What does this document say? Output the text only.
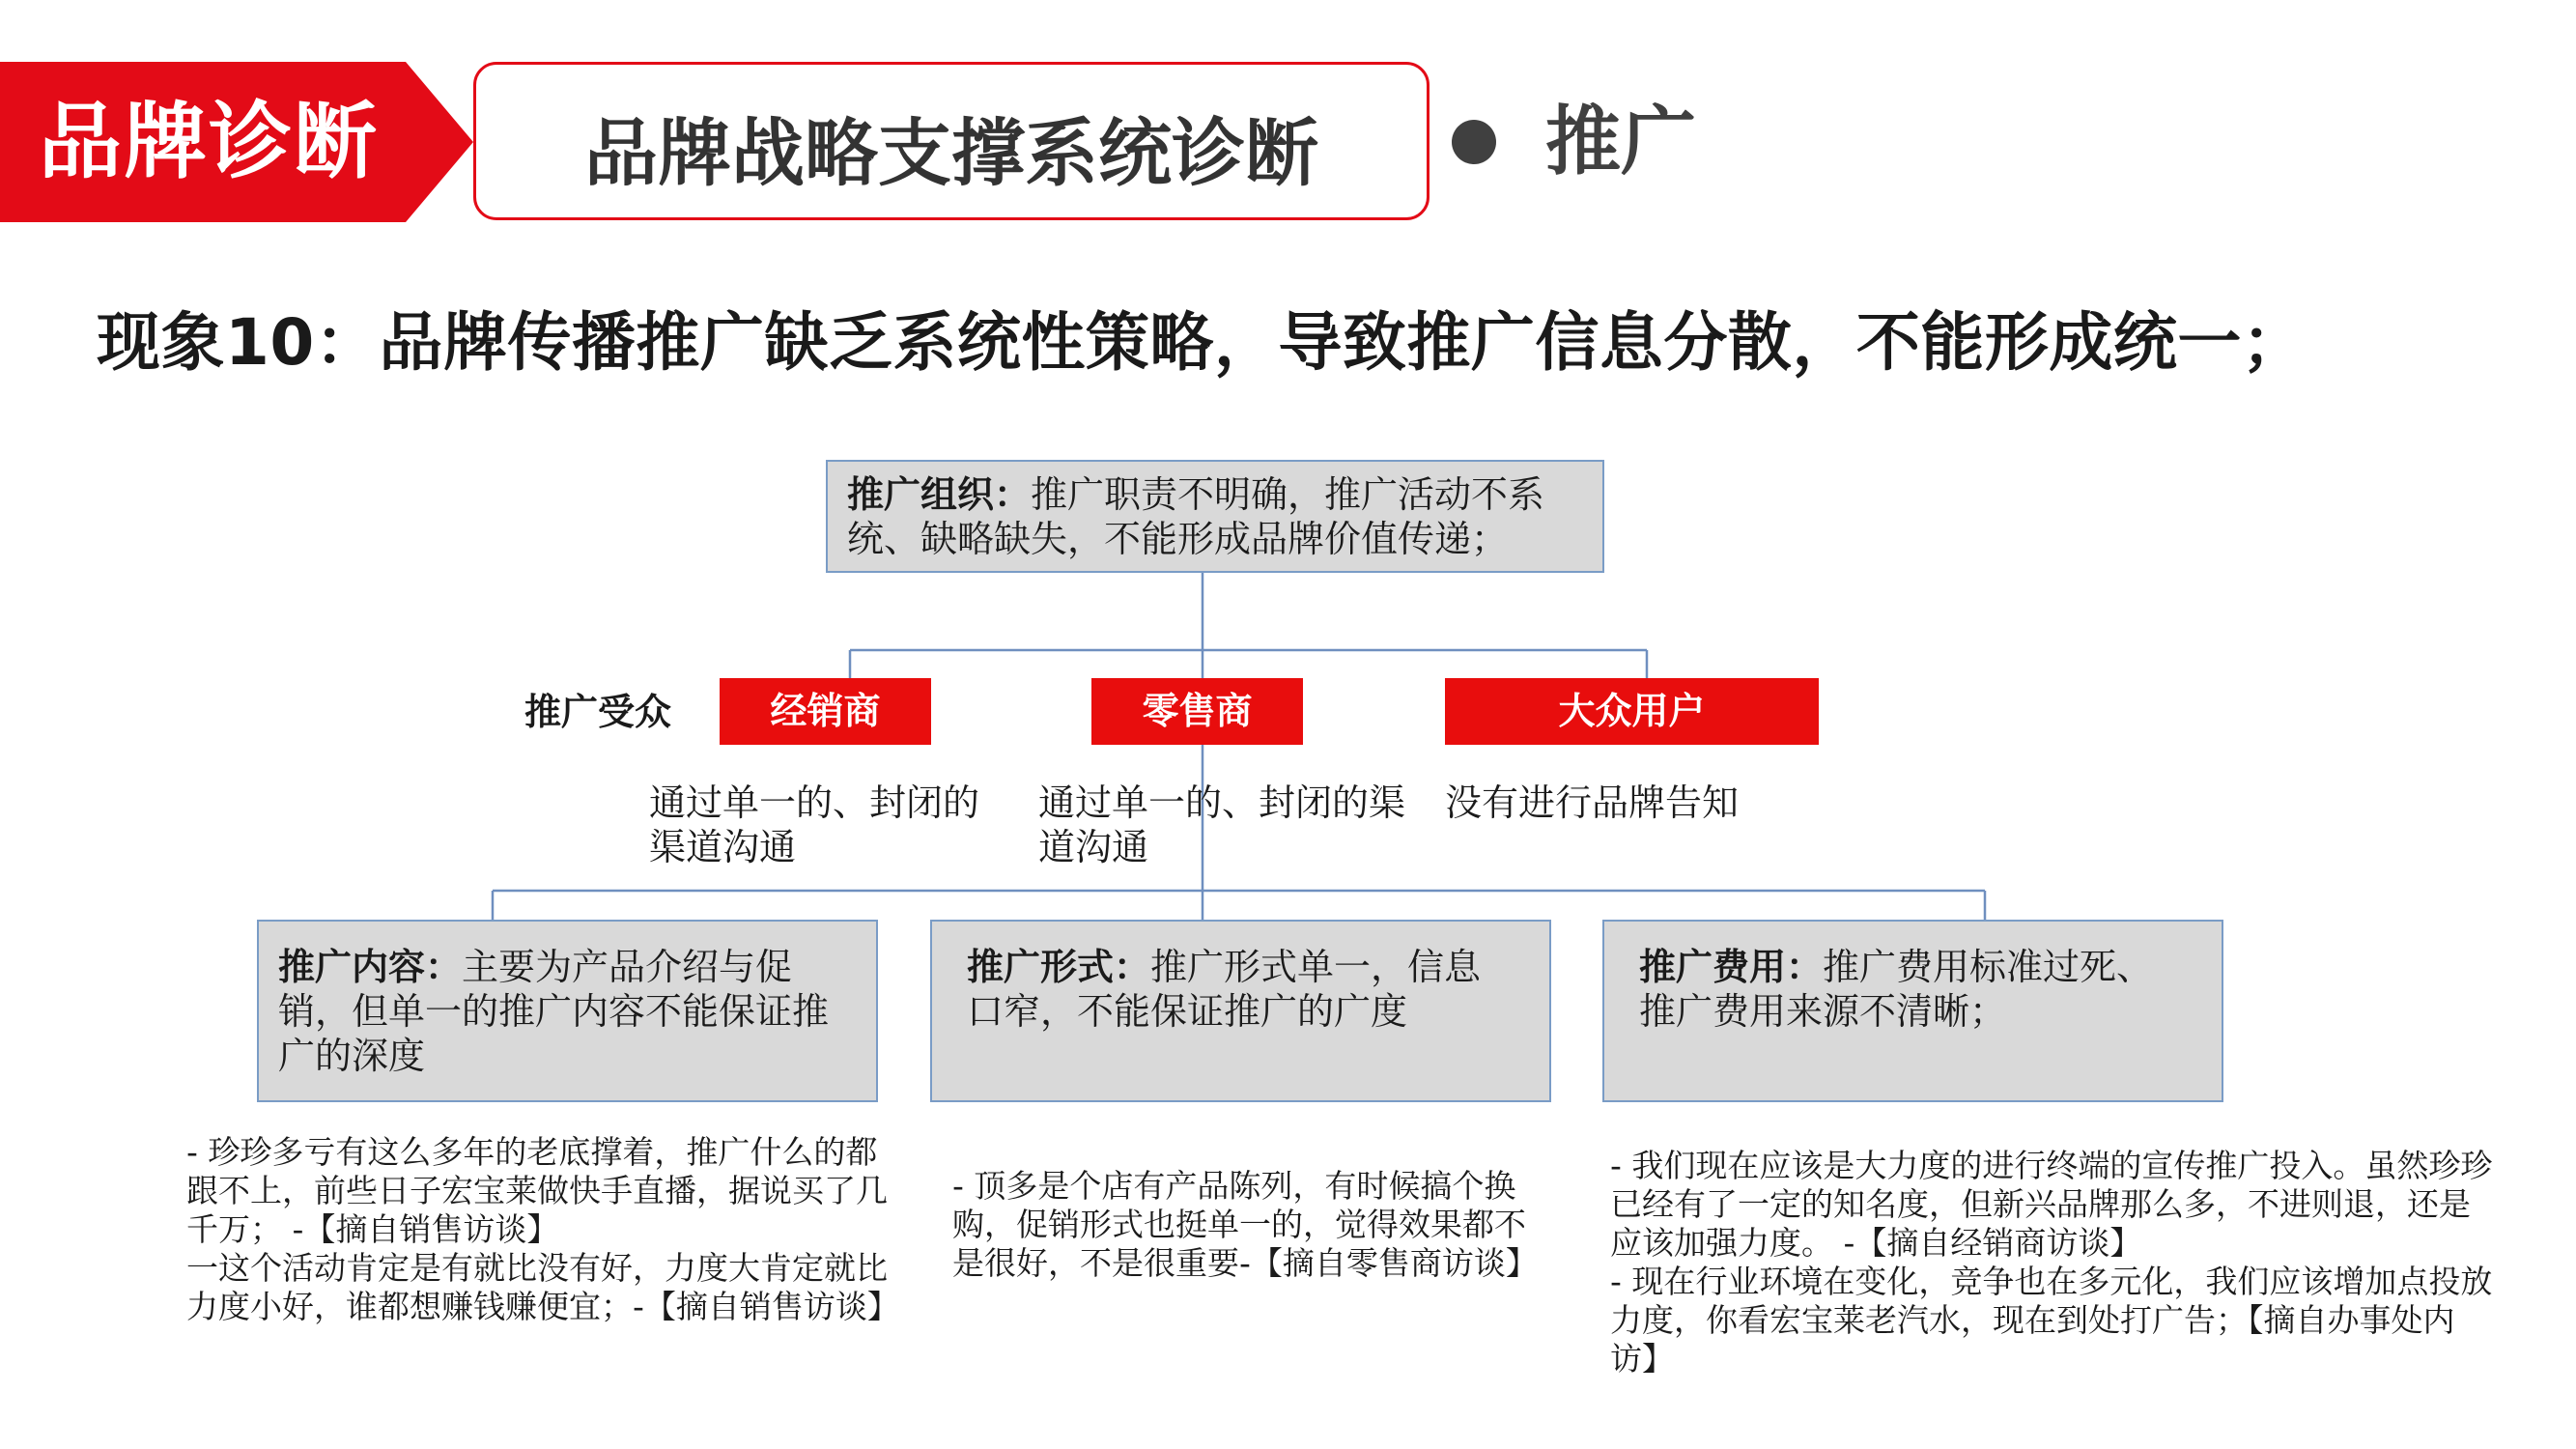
品牌诊断	品牌战略支撑系统诊断	推广
现象10：品牌传播推广缺乏系统性策略，导致推广信息分散，不能形成统一；
推广组织：推广职责不明确，推广活动不系统、缺略缺失，不能形成品牌价值传递；
推广受众	经销商	零售商	大众用户
通过单一的、封闭的渠道沟通
通过单一的、封闭的渠道沟通
没有进行品牌告知
推广内容：主要为产品介绍与促销，但单一的推广内容不能保证推广的深度
推广形式：推广形式单一，信息口窄，不能保证推广的广度
推广费用：推广费用标准过死、推广费用来源不清晰；

- 珍珍多亏有这么多年的老底撑着，推广什么的都跟不上，前些日子宏宝莱做快手直播，据说买了几千万； -【摘自销售访谈】

一这个活动肯定是有就比没有好，力度大肯定就比力度小好，谁都想赚钱赚便宜；-【摘自销售访谈】

- 顶多是个店有产品陈列，有时候搞个换购，促销形式也挺单一的，觉得效果都不是很好，不是很重要-【摘自零售商访谈】

- 我们现在应该是大力度的进行终端的宣传推广投入。虽然珍珍已经有了一定的知名度，但新兴品牌那么多，不进则退，还是应该加强力度。 -【摘自经销商访谈】

- 现在行业环境在变化，竞争也在多元化，我们应该增加点投放力度，你看宏宝莱老汽水，现在到处打广告；【摘自办事处内访】
